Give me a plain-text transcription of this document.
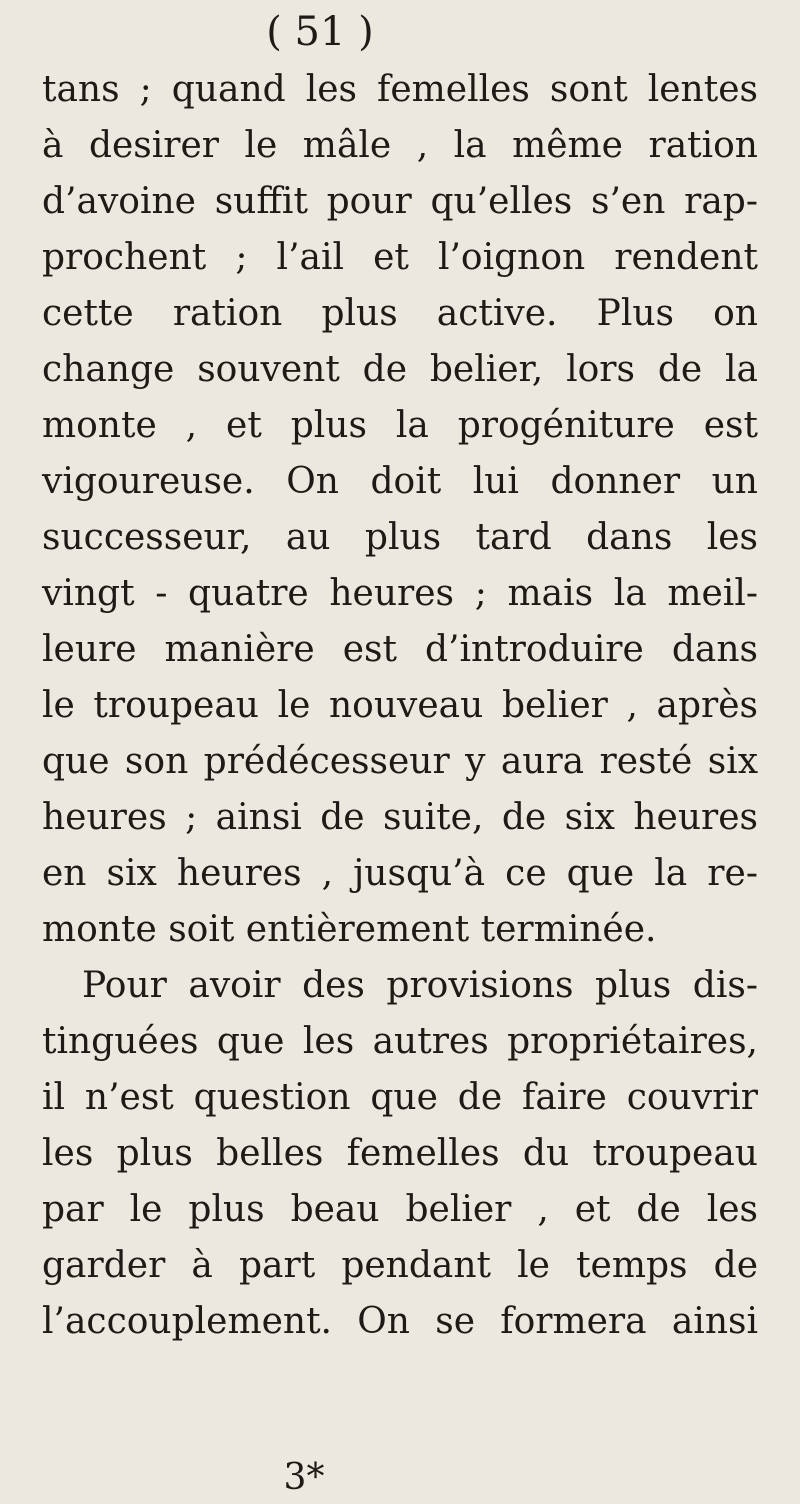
( 51 )
tans ; quand les femelles sont lentes
à desirer le mâle , la même ration
d’avoine suffit pour qu’elles s’en rap-
prochent ; l’ail et l’oignon rendent
cette ration plus active. Plus on
change souvent de belier, lors de la
monte , et plus la progéniture est
vigoureuse. On doit lui donner un
successeur, au plus tard dans les
vingt - quatre heures ; mais la meil-
leure manière est d’introduire dans
le troupeau le nouveau belier , après
que son prédécesseur y aura resté six
heures ; ainsi de suite, de six heures
en six heures , jusqu’à ce que la re-
monte soit entièrement terminée.
Pour avoir des provisions plus dis-
tinguées que les autres propriétaires,
il n’est question que de faire couvrir
les plus belles femelles du troupeau
par le plus beau belier , et de les
garder à part pendant le temps de
l’accouplement. On se formera ainsi
3*
